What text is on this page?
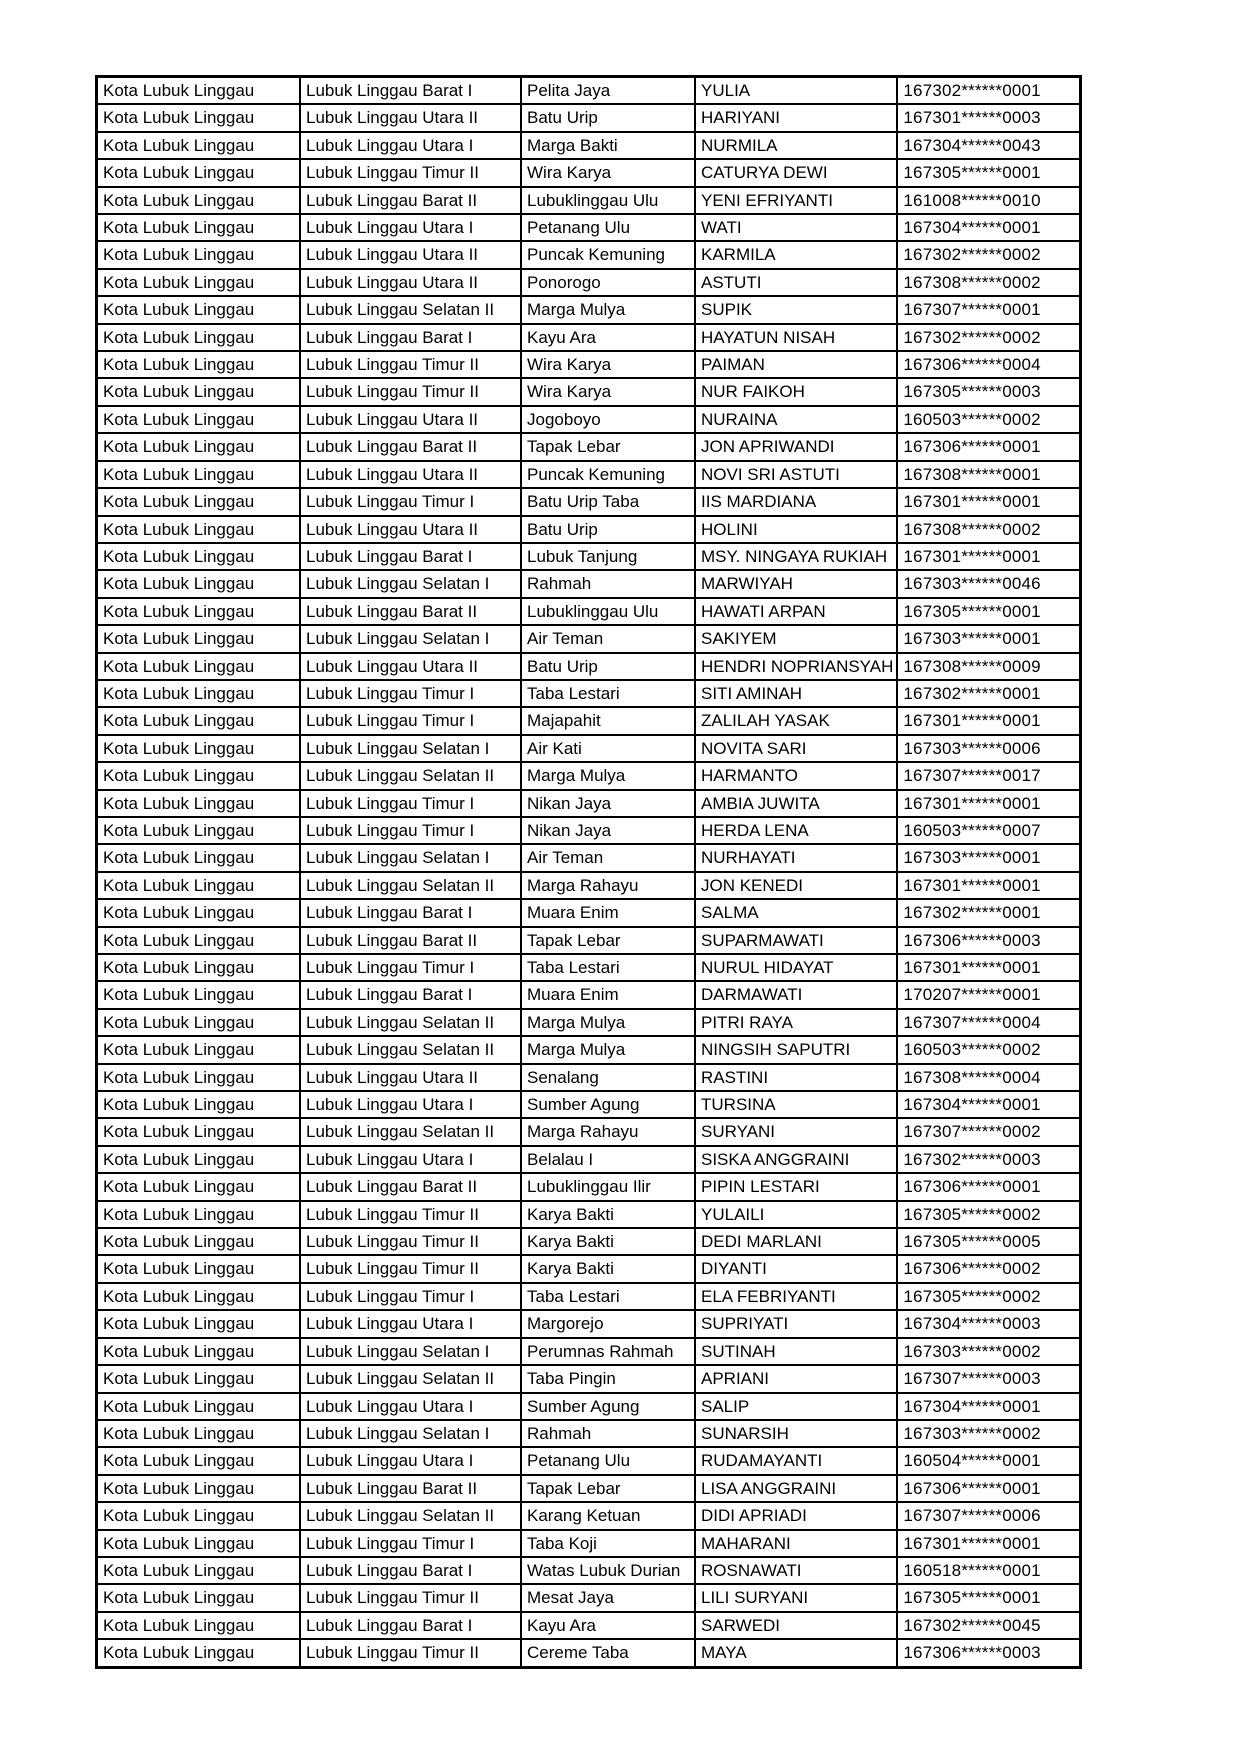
Kota Lubuk Linggau	Lubuk Linggau Barat I	Pelita Jaya	YULIA	167302******0001
Kota Lubuk Linggau	Lubuk Linggau Utara II	Batu Urip	HARIYANI	167301******0003
Kota Lubuk Linggau	Lubuk Linggau Utara I	Marga Bakti	NURMILA	167304******0043
Kota Lubuk Linggau	Lubuk Linggau Timur II	Wira Karya	CATURYA DEWI	167305******0001
Kota Lubuk Linggau	Lubuk Linggau Barat II	Lubuklinggau Ulu	YENI EFRIYANTI	161008******0010
Kota Lubuk Linggau	Lubuk Linggau Utara I	Petanang Ulu	WATI	167304******0001
Kota Lubuk Linggau	Lubuk Linggau Utara II	Puncak Kemuning	KARMILA	167302******0002
Kota Lubuk Linggau	Lubuk Linggau Utara II	Ponorogo	ASTUTI	167308******0002
Kota Lubuk Linggau	Lubuk Linggau Selatan II	Marga Mulya	SUPIK	167307******0001
Kota Lubuk Linggau	Lubuk Linggau Barat I	Kayu Ara	HAYATUN NISAH	167302******0002
Kota Lubuk Linggau	Lubuk Linggau Timur II	Wira Karya	PAIMAN	167306******0004
Kota Lubuk Linggau	Lubuk Linggau Timur II	Wira Karya	NUR FAIKOH	167305******0003
Kota Lubuk Linggau	Lubuk Linggau Utara II	Jogoboyo	NURAINA	160503******0002
Kota Lubuk Linggau	Lubuk Linggau Barat II	Tapak Lebar	JON APRIWANDI	167306******0001
Kota Lubuk Linggau	Lubuk Linggau Utara II	Puncak Kemuning	NOVI SRI ASTUTI	167308******0001
Kota Lubuk Linggau	Lubuk Linggau Timur I	Batu Urip Taba	IIS MARDIANA	167301******0001
Kota Lubuk Linggau	Lubuk Linggau Utara II	Batu Urip	HOLINI	167308******0002
Kota Lubuk Linggau	Lubuk Linggau Barat I	Lubuk Tanjung	MSY. NINGAYA RUKIAH	167301******0001
Kota Lubuk Linggau	Lubuk Linggau Selatan I	Rahmah	MARWIYAH	167303******0046
Kota Lubuk Linggau	Lubuk Linggau Barat II	Lubuklinggau Ulu	HAWATI ARPAN	167305******0001
Kota Lubuk Linggau	Lubuk Linggau Selatan I	Air Teman	SAKIYEM	167303******0001
Kota Lubuk Linggau	Lubuk Linggau Utara II	Batu Urip	HENDRI NOPRIANSYAH	167308******0009
Kota Lubuk Linggau	Lubuk Linggau Timur I	Taba Lestari	SITI AMINAH	167302******0001
Kota Lubuk Linggau	Lubuk Linggau Timur I	Majapahit	ZALILAH YASAK	167301******0001
Kota Lubuk Linggau	Lubuk Linggau Selatan I	Air Kati	NOVITA SARI	167303******0006
Kota Lubuk Linggau	Lubuk Linggau Selatan II	Marga Mulya	HARMANTO	167307******0017
Kota Lubuk Linggau	Lubuk Linggau Timur I	Nikan Jaya	AMBIA JUWITA	167301******0001
Kota Lubuk Linggau	Lubuk Linggau Timur I	Nikan Jaya	HERDA LENA	160503******0007
Kota Lubuk Linggau	Lubuk Linggau Selatan I	Air Teman	NURHAYATI	167303******0001
Kota Lubuk Linggau	Lubuk Linggau Selatan II	Marga Rahayu	JON KENEDI	167301******0001
Kota Lubuk Linggau	Lubuk Linggau Barat I	Muara Enim	SALMA	167302******0001
Kota Lubuk Linggau	Lubuk Linggau Barat II	Tapak Lebar	SUPARMAWATI	167306******0003
Kota Lubuk Linggau	Lubuk Linggau Timur I	Taba Lestari	NURUL HIDAYAT	167301******0001
Kota Lubuk Linggau	Lubuk Linggau Barat I	Muara Enim	DARMAWATI	170207******0001
Kota Lubuk Linggau	Lubuk Linggau Selatan II	Marga Mulya	PITRI RAYA	167307******0004
Kota Lubuk Linggau	Lubuk Linggau Selatan II	Marga Mulya	NINGSIH SAPUTRI	160503******0002
Kota Lubuk Linggau	Lubuk Linggau Utara II	Senalang	RASTINI	167308******0004
Kota Lubuk Linggau	Lubuk Linggau Utara I	Sumber Agung	TURSINA	167304******0001
Kota Lubuk Linggau	Lubuk Linggau Selatan II	Marga Rahayu	SURYANI	167307******0002
Kota Lubuk Linggau	Lubuk Linggau Utara I	Belalau I	SISKA ANGGRAINI	167302******0003
Kota Lubuk Linggau	Lubuk Linggau Barat II	Lubuklinggau Ilir	PIPIN LESTARI	167306******0001
Kota Lubuk Linggau	Lubuk Linggau Timur II	Karya Bakti	YULAILI	167305******0002
Kota Lubuk Linggau	Lubuk Linggau Timur II	Karya Bakti	DEDI MARLANI	167305******0005
Kota Lubuk Linggau	Lubuk Linggau Timur II	Karya Bakti	DIYANTI	167306******0002
Kota Lubuk Linggau	Lubuk Linggau Timur I	Taba Lestari	ELA FEBRIYANTI	167305******0002
Kota Lubuk Linggau	Lubuk Linggau Utara I	Margorejo	SUPRIYATI	167304******0003
Kota Lubuk Linggau	Lubuk Linggau Selatan I	Perumnas Rahmah	SUTINAH	167303******0002
Kota Lubuk Linggau	Lubuk Linggau Selatan II	Taba Pingin	APRIANI	167307******0003
Kota Lubuk Linggau	Lubuk Linggau Utara I	Sumber Agung	SALIP	167304******0001
Kota Lubuk Linggau	Lubuk Linggau Selatan I	Rahmah	SUNARSIH	167303******0002
Kota Lubuk Linggau	Lubuk Linggau Utara I	Petanang Ulu	RUDAMAYANTI	160504******0001
Kota Lubuk Linggau	Lubuk Linggau Barat II	Tapak Lebar	LISA ANGGRAINI	167306******0001
Kota Lubuk Linggau	Lubuk Linggau Selatan II	Karang Ketuan	DIDI APRIADI	167307******0006
Kota Lubuk Linggau	Lubuk Linggau Timur I	Taba Koji	MAHARANI	167301******0001
Kota Lubuk Linggau	Lubuk Linggau Barat I	Watas Lubuk Durian	ROSNAWATI	160518******0001
Kota Lubuk Linggau	Lubuk Linggau Timur II	Mesat Jaya	LILI SURYANI	167305******0001
Kota Lubuk Linggau	Lubuk Linggau Barat I	Kayu Ara	SARWEDI	167302******0045
Kota Lubuk Linggau	Lubuk Linggau Timur II	Cereme Taba	MAYA	167306******0003
